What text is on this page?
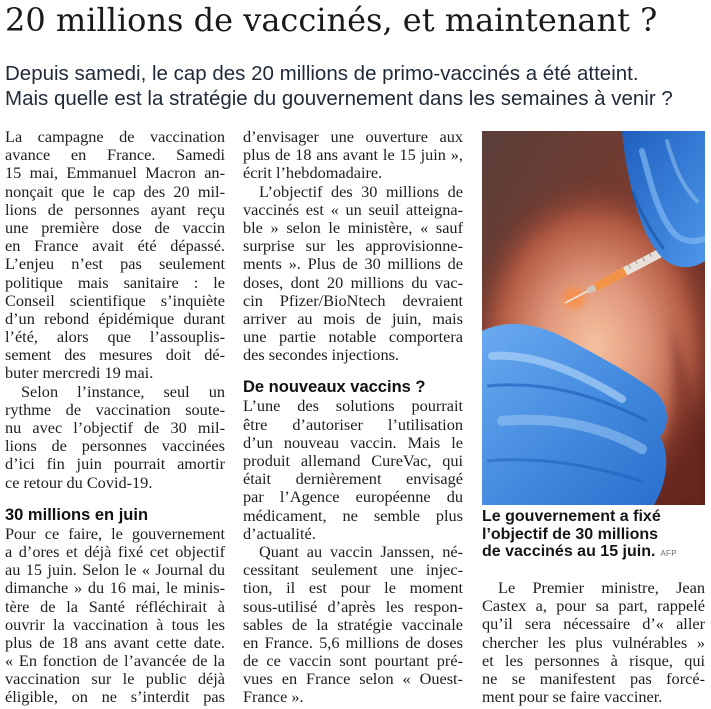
20 millions de vaccinés, et maintenant ?
Depuis samedi, le cap des 20 millions de primo-vaccinés a été atteint.
Mais quelle est la stratégie du gouvernement dans les semaines à venir ?
La campagne de vaccination
avance en France. Samedi
15 mai, Emmanuel Macron an-
nonçait que le cap des 20 mil-
lions de personnes ayant reçu
une première dose de vaccin
en France avait été dépassé.
L’enjeu n’est pas seulement
politique mais sanitaire : le
Conseil scientifique s’inquiète
d’un rebond épidémique durant
l’été, alors que l’assouplis-
sement des mesures doit dé-
buter mercredi 19 mai.
Selon l’instance, seul un
rythme de vaccination soute-
nu avec l’objectif de 30 mil-
lions de personnes vaccinées
d’ici fin juin pourrait amortir
ce retour du Covid-19.
30 millions en juin
Pour ce faire, le gouvernement
a d’ores et déjà fixé cet objectif
au 15 juin. Selon le « Journal du
dimanche » du 16 mai, le minis-
tère de la Santé réfléchirait à
ouvrir la vaccination à tous les
plus de 18 ans avant cette date.
« En fonction de l’avancée de la
vaccination sur le public déjà
éligible, on ne s’interdit pas
d’envisager une ouverture aux
plus de 18 ans avant le 15 juin »,
écrit l’hebdomadaire.
L’objectif des 30 millions de
vaccinés est « un seuil atteigna-
ble » selon le ministère, « sauf
surprise sur les approvisionne-
ments ». Plus de 30 millions de
doses, dont 20 millions du vac-
cin Pfizer/BioNtech devraient
arriver au mois de juin, mais
une partie notable comportera
des secondes injections.
De nouveaux vaccins ?
L’une des solutions pourrait
être d’autoriser l’utilisation
d’un nouveau vaccin. Mais le
produit allemand CureVac, qui
était dernièrement envisagé
par l’Agence européenne du
médicament, ne semble plus
d’actualité.
Quant au vaccin Janssen, né-
cessitant seulement une injec-
tion, il est pour le moment
sous-utilisé d’après les respon-
sables de la stratégie vaccinale
en France. 5,6 millions de doses
de ce vaccin sont pourtant pré-
vues en France selon « Ouest-
France ».
Le gouvernement a fixé
l’objectif de 30 millions
de vaccinés au 15 juin. AFP
Le Premier ministre, Jean
Castex a, pour sa part, rappelé
qu’il sera nécessaire d’« aller
chercher les plus vulnérables »
et les personnes à risque, qui
ne se manifestent pas forcé-
ment pour se faire vacciner.
